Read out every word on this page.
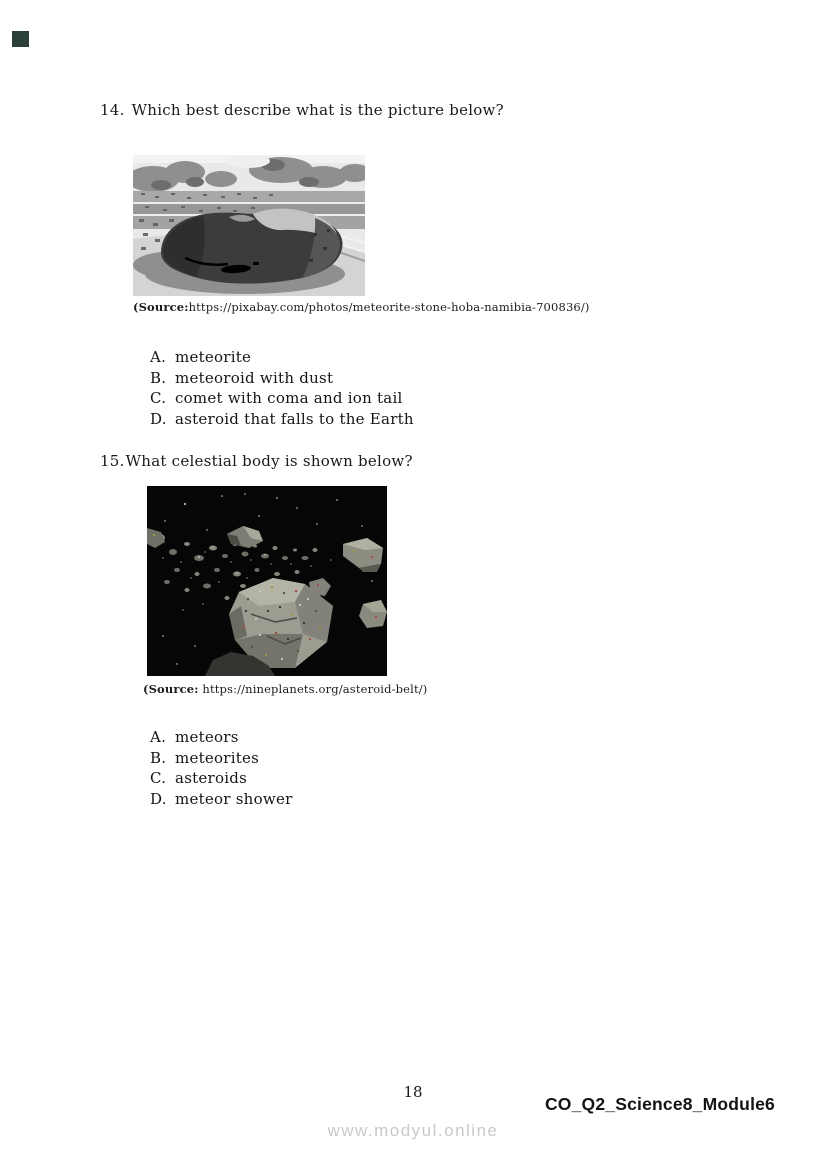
14. Which best describe what is the picture below?
(Source:https://pixabay.com/photos/meteorite-stone-hoba-namibia-700836/)
A. meteorite
B. meteoroid with dust
C. comet with coma and ion tail
D. asteroid that falls to the Earth
15.What celestial body is shown below?
(Source: https://nineplanets.org/asteroid-belt/)
A. meteors
B. meteorites
C. asteroids
D. meteor shower
18
CO_Q2_Science8_Module6
www.modyul.online
